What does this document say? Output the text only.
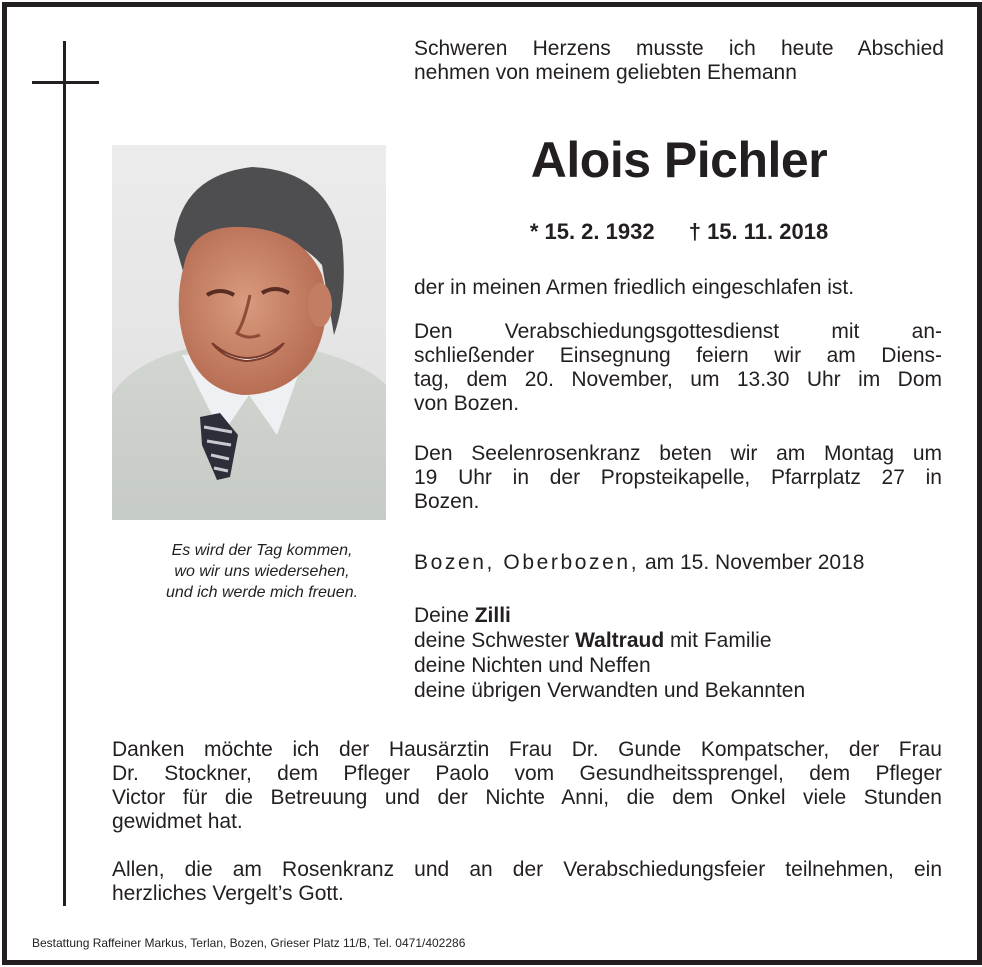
Es wird der Tag kommen,
wo wir uns wiedersehen,
und ich werde mich freuen.
Schweren Herzens musste ich heute Abschied
nehmen von meinem geliebten Ehemann
Alois Pichler
* 15. 2. 1932 † 15. 11. 2018
der in meinen Armen friedlich eingeschlafen ist.
Den Verabschiedungsgottesdienst mit an-
schließender Einsegnung feiern wir am Diens-
tag, dem 20. November, um 13.30 Uhr im Dom
von Bozen.
Den Seelenrosenkranz beten wir am Montag um
19 Uhr in der Propsteikapelle, Pfarrplatz 27 in
Bozen.
Bozen, Oberbozen, am 15. November 2018
Deine Zilli
deine Schwester Waltraud mit Familie
deine Nichten und Neffen
deine übrigen Verwandten und Bekannten
Danken möchte ich der Hausärztin Frau Dr. Gunde Kompatscher, der Frau
Dr. Stockner, dem Pfleger Paolo vom Gesundheitssprengel, dem Pfleger
Victor für die Betreuung und der Nichte Anni, die dem Onkel viele Stunden
gewidmet hat.
Allen, die am Rosenkranz und an der Verabschiedungsfeier teilnehmen, ein
herzliches Vergelt’s Gott.
Bestattung Raffeiner Markus, Terlan, Bozen, Grieser Platz 11/B, Tel. 0471/402286
